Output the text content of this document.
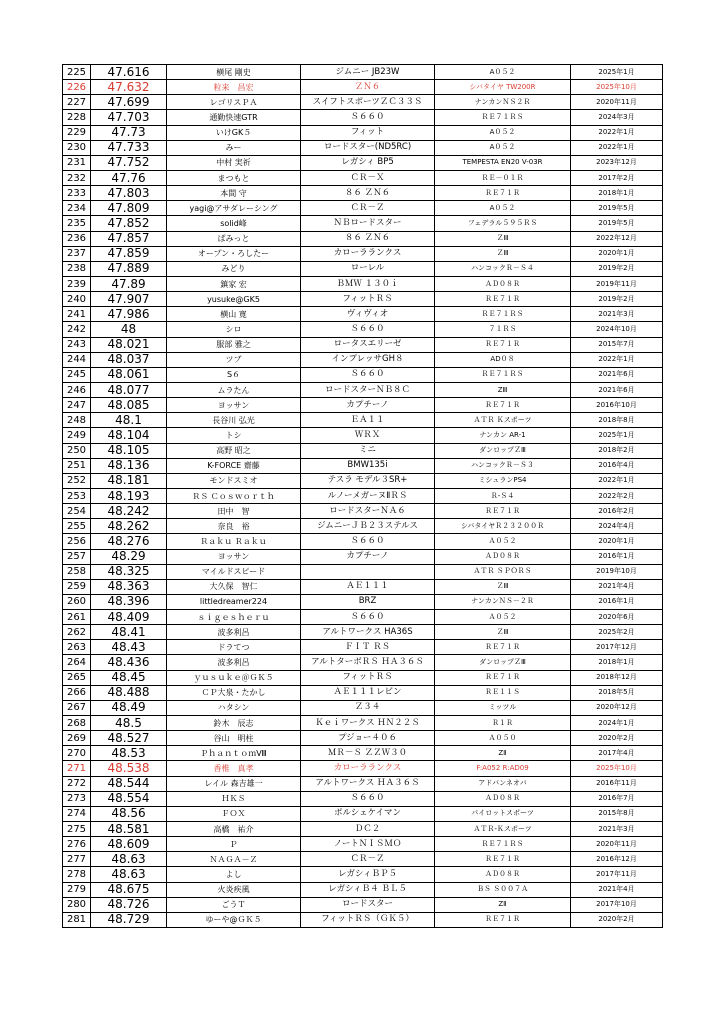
225	47.616	横尾 剛史	ジムニー JB23W	A０５２	2025年1月
226	47.632	粒来　昌宏	ＺＮ６	シバタイヤ TW200R	2025年10月
227	47.699	レゴリスＰＡ	スイフトスポーツＺＣ３３Ｓ	ナンカンＮＳ２Ｒ	2020年11月
228	47.703	通勤快速GTR	Ｓ６６０	ＲＥ７１ＲＳ	2024年3月
229	47.73	いけGK５	フィット	A０５２	2022年1月
230	47.733	みー	ロードスター(ND5RC)	A０５２	2022年1月
231	47.752	中村 実祈	レガシィ BP5	TEMPESTA EN20 V-03R	2023年12月
232	47.76	まつもと	ＣＲ－Ｘ	ＲＥ－０１Ｒ	2017年2月
233	47.803	本間 守	８６ ＺＮ６	ＲＥ７１Ｒ	2018年1月
234	47.809	yagi@アサダレーシング	ＣＲ－Ｚ	A０５２	2019年5月
235	47.852	solid峰	ＮＢロードスター	フェデラル５９５ＲＳ	2019年5月
236	47.857	ぱみっと	８６ ＺＮ６	ＺⅢ	2022年12月
237	47.859	オープン・ろしたー	カローラランクス	ＺⅢ	2020年1月
238	47.889	みどり	ローレル	ハンコックＲ－Ｓ４	2019年2月
239	47.89	鎮家 宏	ＢＭＷ １３０ｉ	ＡＤ０８Ｒ	2019年11月
240	47.907	yusuke@GK5	フィットＲＳ	ＲＥ７１Ｒ	2019年2月
241	47.986	横山 寛	ヴィヴィオ	ＲＥ７１ＲＳ	2021年3月
242	48	シロ	Ｓ６６０	７１ＲＳ	2024年10月
243	48.021	服部 雅之	ロータスエリーゼ	ＲＥ７１Ｒ	2015年7月
244	48.037	ツブ	インプレッサGH８	AD０８	2022年1月
245	48.061	S６	Ｓ６６０	ＲＥ７１ＲＳ	2021年6月
246	48.077	ムラたん	ロードスターＮＢ８Ｃ	ZⅢ	2021年6月
247	48.085	ヨッサン	カプチーノ	ＲＥ７１Ｒ	2016年10月
248	48.1	長谷川 弘光	ＥＡ１１	ＡＴＲ Ｋスポーツ	2018年8月
249	48.104	トシ	ＷＲＸ	ナンカン AR-1	2025年1月
250	48.105	高野 昭之	ミニ	ダンロップＺⅢ	2018年2月
251	48.136	K-FORCE 齋藤	BMW135i	ハンコックＲ－Ｓ３	2016年4月
252	48.181	モンドスミオ	テスラ モデル３SR+	ミシュランPS4	2022年1月
253	48.193	ＲＳ Ｃｏｓｗｏｒｔｈ	ルノーメガーヌⅡＲＳ	Ｒ-Ｓ４	2022年2月
254	48.242	田中　智	ロードスターＮＡ６	ＲＥ７１Ｒ	2016年2月
255	48.262	奈良　裕	ジムニーＪＢ２３ステルス	シバタイヤＲ２３２００Ｒ	2024年4月
256	48.276	Ｒａｋｕ Ｒａｋｕ	Ｓ６６０	Ａ０５２	2020年1月
257	48.29	ヨッサン	カプチーノ	ＡＤ０８Ｒ	2016年1月
258	48.325	マイルドスピード		ＡＴＲ ＳＰＯＲＳ	2019年10月
259	48.363	大久保　智仁	ＡＥ１１１	ＺⅢ	2021年4月
260	48.396	littledreamer224	BRZ	ナンカンＮＳ－２Ｒ	2016年1月
261	48.409	ｓｉｇｅｓｈｅｒｕ	Ｓ６６０	Ａ０５２	2020年6月
262	48.41	波多利呂	アルトワークス HA36S	ＺⅢ	2025年2月
263	48.43	ドラてつ	ＦＩＴ ＲＳ	ＲＥ７１Ｒ	2017年12月
264	48.436	波多利呂	アルトターボＲＳ ＨＡ３６Ｓ	ダンロップＺⅢ	2018年1月
265	48.45	ｙｕｓｕｋｅ＠ＧＫ５	フィットＲＳ	ＲＥ７１Ｒ	2018年12月
266	48.488	ＣＰ大泉・たかし	ＡＥ１１１レビン	ＲＥ１１Ｓ	2018年5月
267	48.49	ハタシン	Ｚ３４	ミッツル	2020年12月
268	48.5	鈴木　辰志	Ｋｅｉワークス ＨＮ２２Ｓ	Ｒ１Ｒ	2024年1月
269	48.527	谷山　明柱	プジョー４０６	Ａ０５０	2020年2月
270	48.53	ＰｈａｎｔｏｍⅧ	ＭＲ－Ｓ ＺＺＷ３０	ZⅡ	2017年4月
271	48.538	香椎　真孝	カローラランクス	F:A052 R:AD09	2025年10月
272	48.544	レイル 森吉雄一	アルトワークス ＨＡ３６Ｓ	アドバンネオバ	2016年11月
273	48.554	ＨＫＳ	Ｓ６６０	ＡＤ０８Ｒ	2016年7月
274	48.56	ＦＯＸ	ポルシェケイマン	パイロットスポーツ	2015年8月
275	48.581	高橋　祐介	ＤＣ２	ＡＴＲ-Ｋスポーツ	2021年3月
276	48.609	Ｐ	ノートＮＩＳＭＯ	ＲＥ７１ＲＳ	2020年11月
277	48.63	ＮＡＧＡ－Ｚ	ＣＲ－Ｚ	ＲＥ７１Ｒ	2016年12月
278	48.63	よし	レガシィＢＰ５	ＡＤ０８Ｒ	2017年11月
279	48.675	火炎疾風	レガシィＢ４ ＢＬ５	ＢＳ Ｓ００７Ａ	2021年4月
280	48.726	ごうＴ	ロードスター	ZⅡ	2017年10月
281	48.729	ゆーや@ＧＫ５	フィットＲＳ（ＧＫ５）	ＲＥ７１Ｒ	2020年2月
